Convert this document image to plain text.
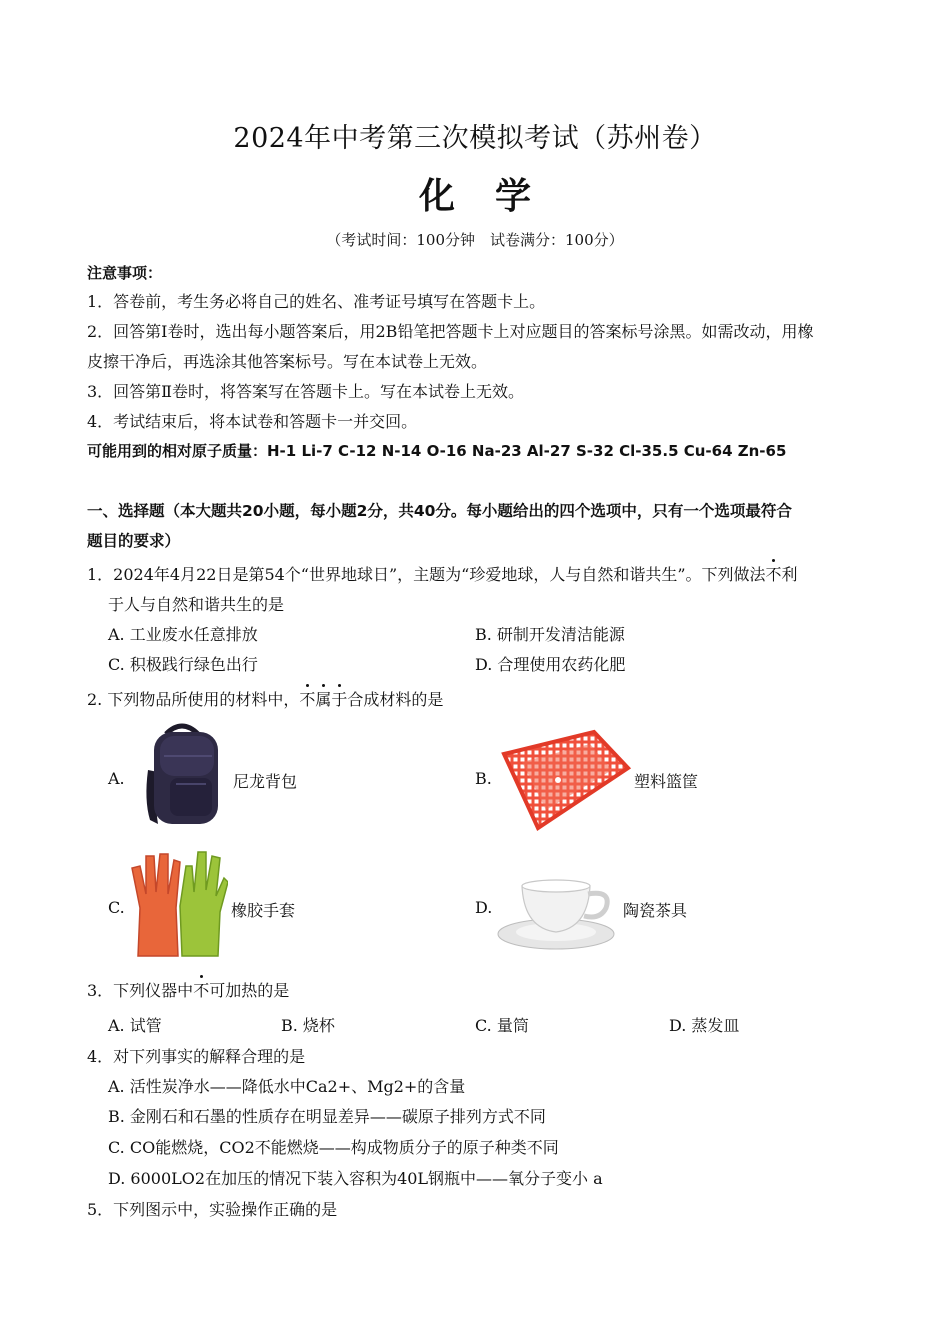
2024年中考第三次模拟考试（苏州卷）
化学
（考试时间：100分钟　试卷满分：100分）
注意事项：
1．答卷前，考生务必将自己的姓名、准考证号填写在答题卡上。
2．回答第Ⅰ卷时，选出每小题答案后，用2B铅笔把答题卡上对应题目的答案标号涂黑。如需改动，用橡
皮擦干净后，再选涂其他答案标号。写在本试卷上无效。
3．回答第Ⅱ卷时，将答案写在答题卡上。写在本试卷上无效。
4．考试结束后，将本试卷和答题卡一并交回。
可能用到的相对原子质量：H-1 Li-7 C-12 N-14 O-16 Na-23 Al-27 S-32 Cl-35.5 Cu-64 Zn-65
一、选择题（本大题共20小题，每小题2分，共40分。每小题给出的四个选项中，只有一个选项最符合
题目的要求）
1．2024年4月22日是第54个“世界地球日”，主题为“珍爱地球，人与自然和谐共生”。下列做法不利
于人与自然和谐共生的是
A. 工业废水任意排放	B. 研制开发清洁能源
C. 积极践行绿色出行	D. 合理使用农药化肥
2. 下列物品所使用的材料中，不属于合成材料的是
A.	尼龙背包	B.	塑料篮筐
C.	橡胶手套	D.	陶瓷茶具
3．下列仪器中不可加热的是
A. 试管	B. 烧杯	C. 量筒	D. 蒸发皿
4．对下列事实的解释合理的是
A. 活性炭净水——降低水中Ca2+、Mg2+的含量
B. 金刚石和石墨的性质存在明显差异——碳原子排列方式不同
C. CO能燃烧，CO2不能燃烧——构成物质分子的原子种类不同
D. 6000LO2在加压的情况下装入容积为40L钢瓶中——氧分子变小 a
5．下列图示中，实验操作正确的是
